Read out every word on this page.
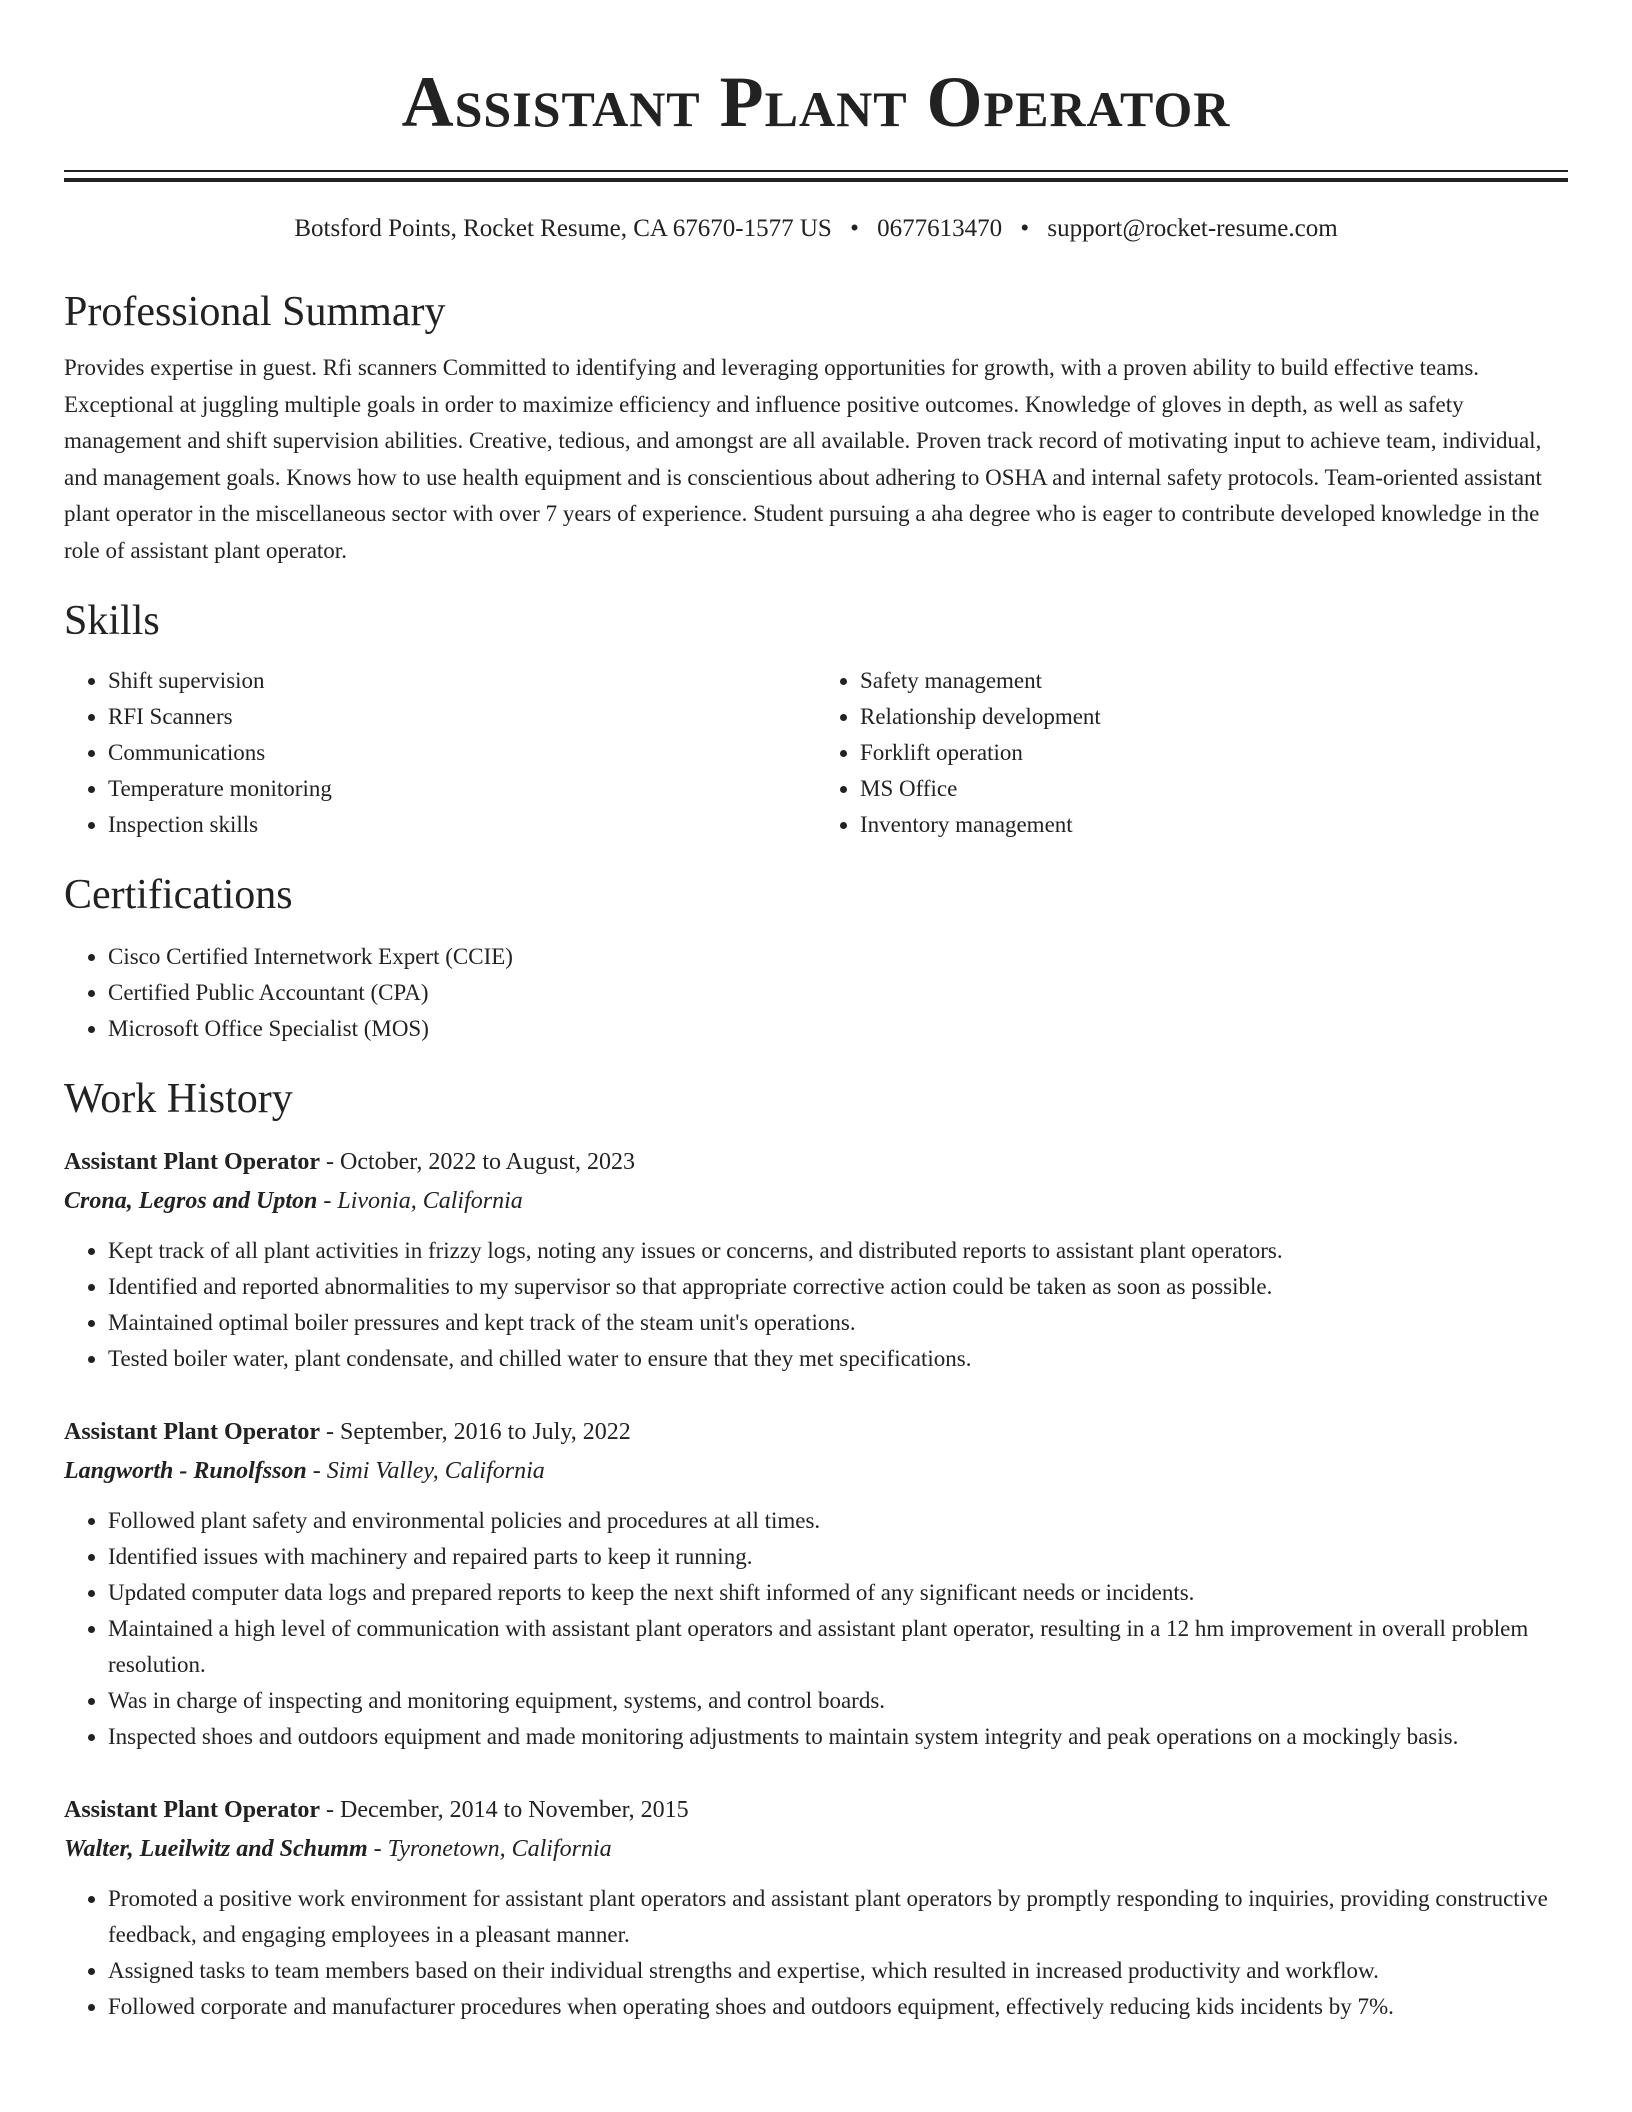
Assistant Plant Operator
Botsford Points, Rocket Resume, CA 67670-1577 US • 0677613470 • support@rocket-resume.com
Professional Summary
Provides expertise in guest. Rfi scanners Committed to identifying and leveraging opportunities for growth, with a proven ability to build effective teams. Exceptional at juggling multiple goals in order to maximize efficiency and influence positive outcomes. Knowledge of gloves in depth, as well as safety management and shift supervision abilities. Creative, tedious, and amongst are all available. Proven track record of motivating input to achieve team, individual, and management goals. Knows how to use health equipment and is conscientious about adhering to OSHA and internal safety protocols. Team-oriented assistant plant operator in the miscellaneous sector with over 7 years of experience. Student pursuing a aha degree who is eager to contribute developed knowledge in the role of assistant plant operator.
Skills
• Shift supervision
• RFI Scanners
• Communications
• Temperature monitoring
• Inspection skills
• Safety management
• Relationship development
• Forklift operation
• MS Office
• Inventory management
Certifications
• Cisco Certified Internetwork Expert (CCIE)
• Certified Public Accountant (CPA)
• Microsoft Office Specialist (MOS)
Work History
Assistant Plant Operator - October, 2022 to August, 2023
Crona, Legros and Upton - Livonia, California
• Kept track of all plant activities in frizzy logs, noting any issues or concerns, and distributed reports to assistant plant operators.
• Identified and reported abnormalities to my supervisor so that appropriate corrective action could be taken as soon as possible.
• Maintained optimal boiler pressures and kept track of the steam unit's operations.
• Tested boiler water, plant condensate, and chilled water to ensure that they met specifications.
Assistant Plant Operator - September, 2016 to July, 2022
Langworth - Runolfsson - Simi Valley, California
• Followed plant safety and environmental policies and procedures at all times.
• Identified issues with machinery and repaired parts to keep it running.
• Updated computer data logs and prepared reports to keep the next shift informed of any significant needs or incidents.
• Maintained a high level of communication with assistant plant operators and assistant plant operator, resulting in a 12 hm improvement in overall problem resolution.
• Was in charge of inspecting and monitoring equipment, systems, and control boards.
• Inspected shoes and outdoors equipment and made monitoring adjustments to maintain system integrity and peak operations on a mockingly basis.
Assistant Plant Operator - December, 2014 to November, 2015
Walter, Lueilwitz and Schumm - Tyronetown, California
• Promoted a positive work environment for assistant plant operators and assistant plant operators by promptly responding to inquiries, providing constructive feedback, and engaging employees in a pleasant manner.
• Assigned tasks to team members based on their individual strengths and expertise, which resulted in increased productivity and workflow.
• Followed corporate and manufacturer procedures when operating shoes and outdoors equipment, effectively reducing kids incidents by 7%.
